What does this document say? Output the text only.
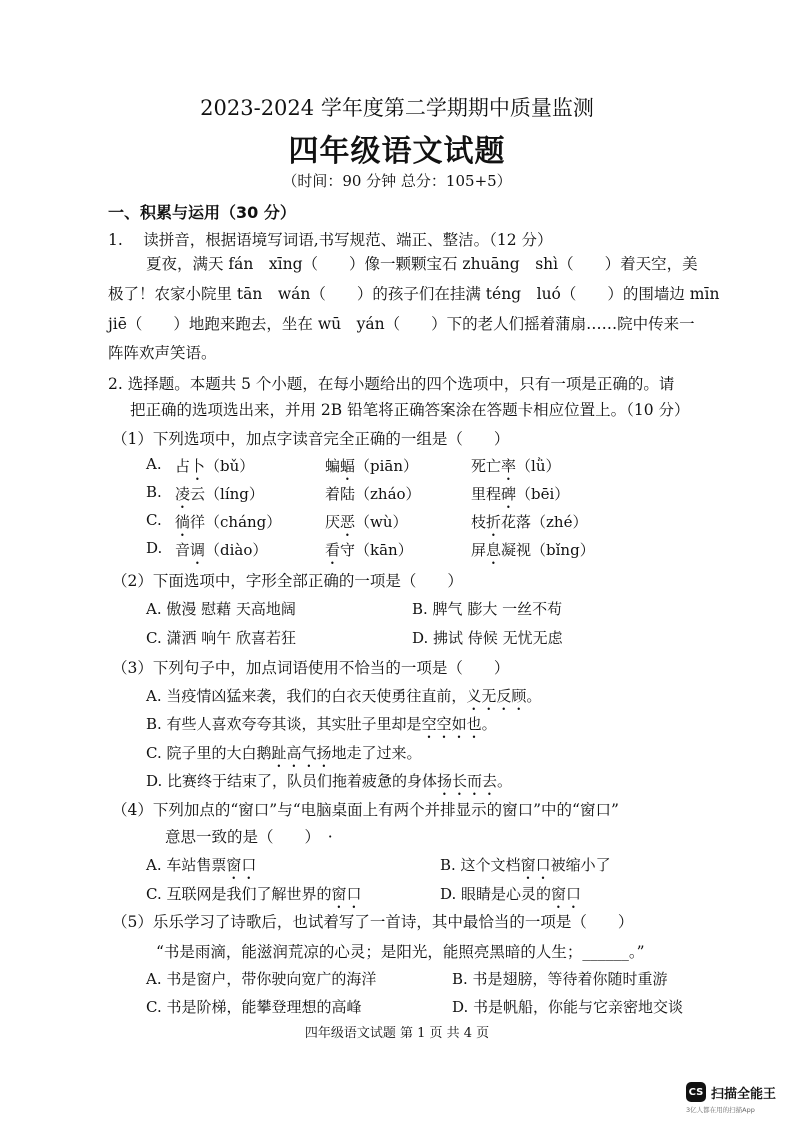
2023-2024 学年度第二学期期中质量监测
四年级语文试题
（时间：90 分钟 总分：105+5）
一、积累与运用（30 分）
1.　 读拼音，根据语境写词语,书写规范、端正、整洁。（12 分）
夏夜，满天 fán　xīng（　　）像一颗颗宝石 zhuāng　shì（　　）着天空，美
极了！农家小院里 tān　wán（　　）的孩子们在挂满 téng　luó（　　）的围墙边 mīn
jiē（　　）地跑来跑去，坐在 wū　yán（　　）下的老人们摇着蒲扇……院中传来一
阵阵欢声笑语。
2. 选择题。本题共 5 个小题，在每小题给出的四个选项中，只有一项是正确的。请
把正确的选项选出来，并用 2B 铅笔将正确答案涂在答题卡相应位置上。（10 分）
（1）下列选项中，加点字读音完全正确的一组是（　　）
A. 占卜（bǔ）	蝙蝠（piān）	死亡率（lǜ）
B. 凌云（líng）	着陆（zháo）	里程碑（bēi）
C. 徜徉（cháng）	厌恶（wù）	枝折花落（zhé）
D. 音调（diào）	看守（kān）	屏息凝视（bǐng）
（2）下面选项中，字形全部正确的一项是（　　）
A. 傲漫 慰藉 天高地阔	B. 脾气 膨大 一丝不苟
C. 潇洒 响午 欣喜若狂	D. 拂试 侍候 无忧无虑
（3）下列句子中，加点词语使用不恰当的一项是（　　）
A. 当疫情凶猛来袭，我们的白衣天使勇往直前，义无反顾。
B. 有些人喜欢夸夸其谈，其实肚子里却是空空如也。
C. 院子里的大白鹅趾高气扬地走了过来。
D. 比赛终于结束了，队员们拖着疲惫的身体扬长而去。
（4）下列加点的“窗口”与“电脑桌面上有两个并排显示的窗口”中的“窗口”
意思一致的是（　　）　·
A. 车站售票窗口	B. 这个文档窗口被缩小了
C. 互联网是我们了解世界的窗口	D. 眼睛是心灵的窗口
（5）乐乐学习了诗歌后，也试着写了一首诗，其中最恰当的一项是（　　）
“书是雨滴，能滋润荒凉的心灵；是阳光，能照亮黑暗的人生；______。”
A. 书是窗户，带你驶向宽广的海洋	B. 书是翅膀，等待着你随时重游
C. 书是阶梯，能攀登理想的高峰	D. 书是帆船，你能与它亲密地交谈
四年级语文试题 第 1 页 共 4 页
CS 扫描全能王
3亿人都在用的扫描App
